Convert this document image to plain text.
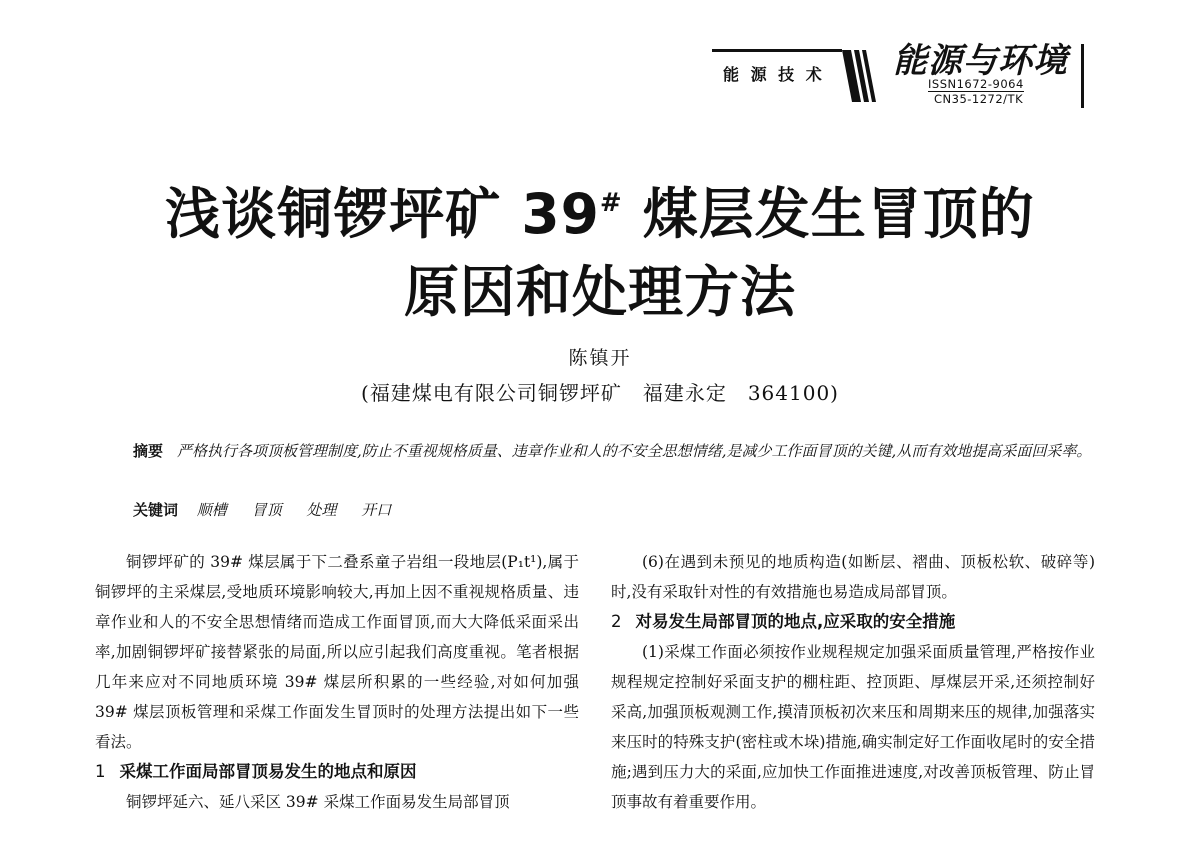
能 源 技 术 能源与环境
ISSN1672-9064
CN35-1272/TK
浅谈铜锣坪矿 39# 煤层发生冒顶的
原因和处理方法
陈镇开
(福建煤电有限公司铜锣坪矿　福建永定　364100)
摘要 严格执行各项顶板管理制度,防止不重视规格质量、违章作业和人的不安全思想情绪,是减少工作面冒顶的关键,从而有效地提高采面回采率。
关键词 顺槽 冒顶 处理 开口

铜锣坪矿的 39# 煤层属于下二叠系童子岩组一段地层(P₁t¹),属于铜锣坪的主采煤层,受地质环境影响较大,再加上因不重视规格质量、违章作业和人的不安全思想情绪而造成工作面冒顶,而大大降低采面采出率,加剧铜锣坪矿接替紧张的局面,所以应引起我们高度重视。笔者根据几年来应对不同地质环境 39# 煤层所积累的一些经验,对如何加强 39# 煤层顶板管理和采煤工作面发生冒顶时的处理方法提出如下一些看法。

1 采煤工作面局部冒顶易发生的地点和原因

铜锣坪延六、延八采区 39# 采煤工作面易发生局部冒顶

(6)在遇到未预见的地质构造(如断层、褶曲、顶板松软、破碎等)时,没有采取针对性的有效措施也易造成局部冒顶。

2 对易发生局部冒顶的地点,应采取的安全措施

(1)采煤工作面必须按作业规程规定加强采面质量管理,严格按作业规程规定控制好采面支护的棚柱距、控顶距、厚煤层开采,还须控制好采高,加强顶板观测工作,摸清顶板初次来压和周期来压的规律,加强落实来压时的特殊支护(密柱或木垛)措施,确实制定好工作面收尾时的安全措施;遇到压力大的采面,应加快工作面推进速度,对改善顶板管理、防止冒顶事故有着重要作用。
